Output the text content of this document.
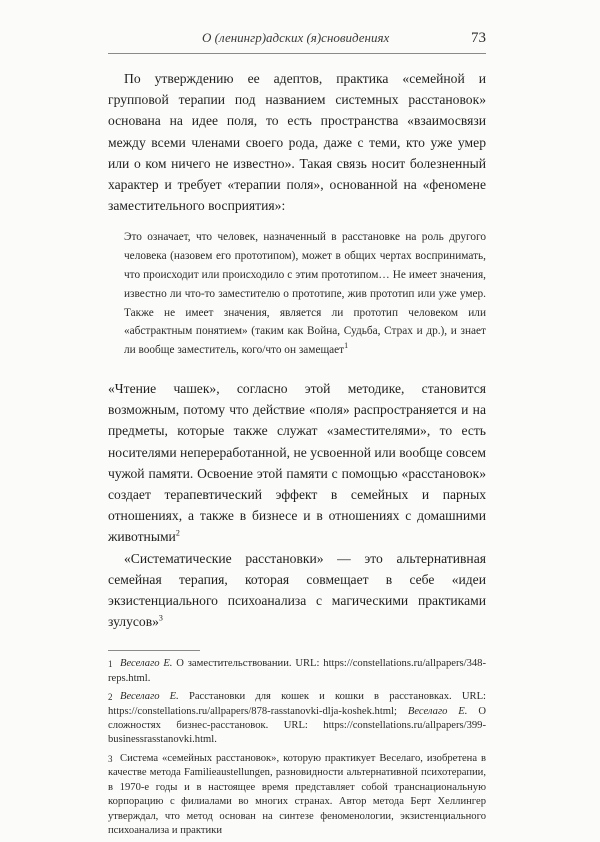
О (ленингр)адских (я)сновидениях	73

По утверждению ее адептов, практика «семейной и групповой терапии под названием системных расстановок» основана на идее поля, то есть пространства «взаимосвязи между всеми членами своего рода, даже с теми, кто уже умер или о ком ничего не известно». Такая связь носит болезненный характер и требует «терапии поля», основанной на «феномене заместительного восприятия»:

Это означает, что человек, назначенный в расстановке на роль другого человека (назовем его прототипом), может в общих чертах воспринимать, что происходит или происходило с этим прототипом… Не имеет значения, известно ли что-то заместителю о прототипе, жив прототип или уже умер. Также не имеет значения, является ли прототип человеком или «абстрактным понятием» (таким как Война, Судьба, Страх и др.), и знает ли вообще заместитель, кого/что он замещает$^1$

«Чтение чашек», согласно этой методике, становится возможным, потому что действие «поля» распространяется и на предметы, которые также служат «заместителями», то есть носителями непереработанной, не усвоенной или вообще совсем чужой памяти. Освоение этой памяти с помощью «расстановок» создает терапевтический эффект в семейных и парных отношениях, а также в бизнесе и в отношениях с домашними животными$^2$

«Систематические расстановки» — это альтернативная семейная терапия, которая совмещает в себе «идеи экзистенциального психоанализа с магическими практиками зулусов»$^3$

1 Веселаго Е. О заместительствовании. URL: https://constellations.ru/allpapers/348-reps.html.

2 Веселаго Е. Расстановки для кошек и кошки в расстановках. URL: https://constellations.ru/allpapers/878-rasstanovki-dlja-koshek.html; Веселаго Е. О сложностях бизнес-расстановок. URL: https://constellations.ru/allpapers/399-businessrasstanovki.html.

3 Система «семейных расстановок», которую практикует Веселаго, изобретена в качестве метода Familieaustellungen, разновидности альтернативной психотерапии, в 1970-е годы и в настоящее время представляет собой транснациональную корпорацию с филиалами во многих странах. Автор метода Берт Хеллингер утверждал, что метод основан на синтезе феноменологии, экзистенциального психоанализа и практики
